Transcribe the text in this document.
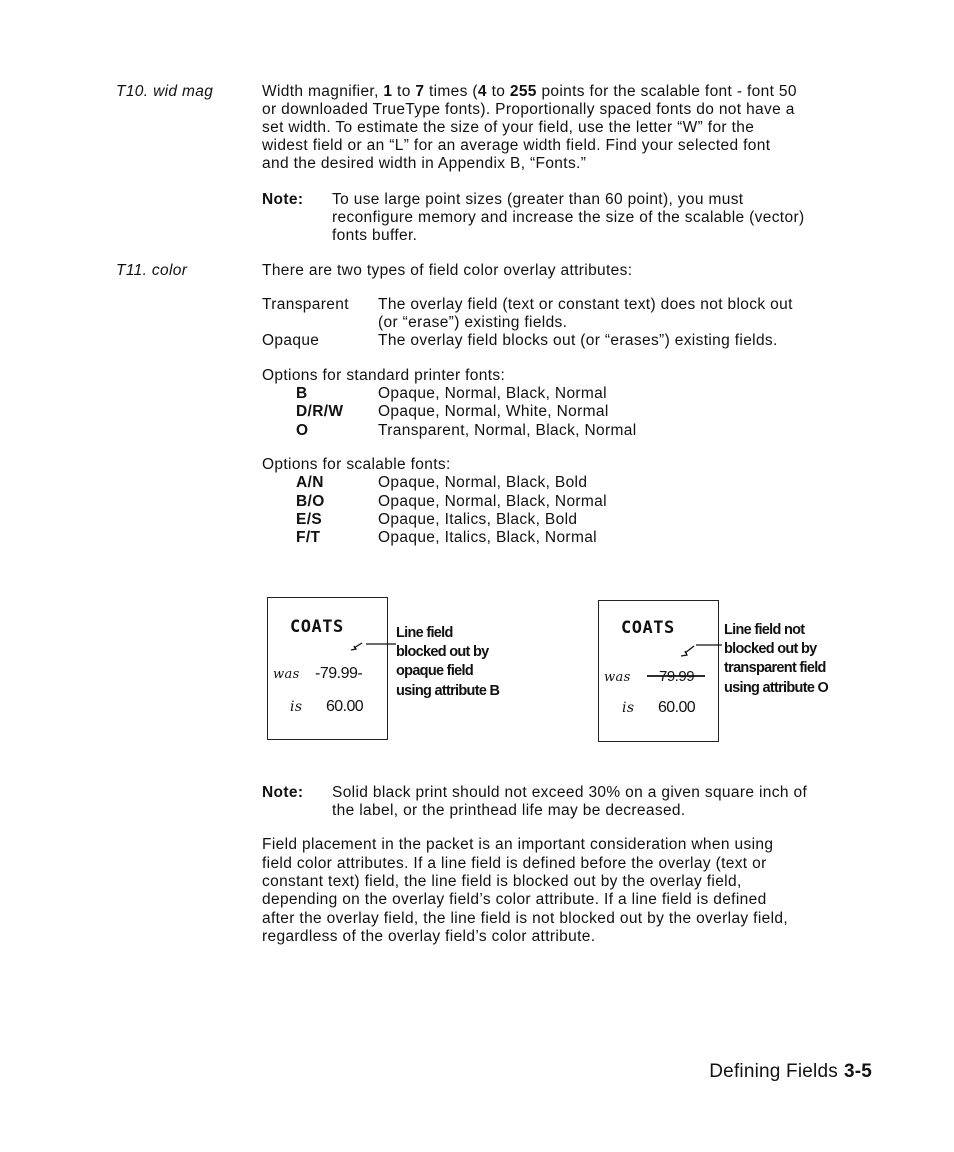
T10. wid mag	Width magnifier, 1 to 7 times (4 to 255 points for the scalable font - font 50
or downloaded TrueType fonts). Proportionally spaced fonts do not have a
set width. To estimate the size of your field, use the letter “W” for the
widest field or an “L” for an average width field. Find your selected font
and the desired width in Appendix B, “Fonts.”
Note: To use large point sizes (greater than 60 point), you must
reconfigure memory and increase the size of the scalable (vector)
fonts buffer.
T11. color	There are two types of field color overlay attributes:
Transparent The overlay field (text or constant text) does not block out
(or “erase”) existing fields.
Opaque	The overlay field blocks out (or “erases”) existing fields.
Options for standard printer fonts:
B	Opaque, Normal, Black, Normal
D/R/W Opaque, Normal, White, Normal
O	Transparent, Normal, Black, Normal
Options for scalable fonts:
A/N	Opaque, Normal, Black, Bold
B/O	Opaque, Normal, Black, Normal
E/S	Opaque, Italics, Black, Bold
F/T	Opaque, Italics, Black, Normal
COATS
was -79.99-
is 60.00
Line field
blocked out by
opaque field
using attribute B
COATS
was 79.99
is 60.00
Line field not
blocked out by
transparent field
using attribute O
Note: Solid black print should not exceed 30% on a given square inch of
the label, or the printhead life may be decreased.
Field placement in the packet is an important consideration when using
field color attributes. If a line field is defined before the overlay (text or
constant text) field, the line field is blocked out by the overlay field,
depending on the overlay field’s color attribute. If a line field is defined
after the overlay field, the line field is not blocked out by the overlay field,
regardless of the overlay field’s color attribute.
Defining Fields 3-5
